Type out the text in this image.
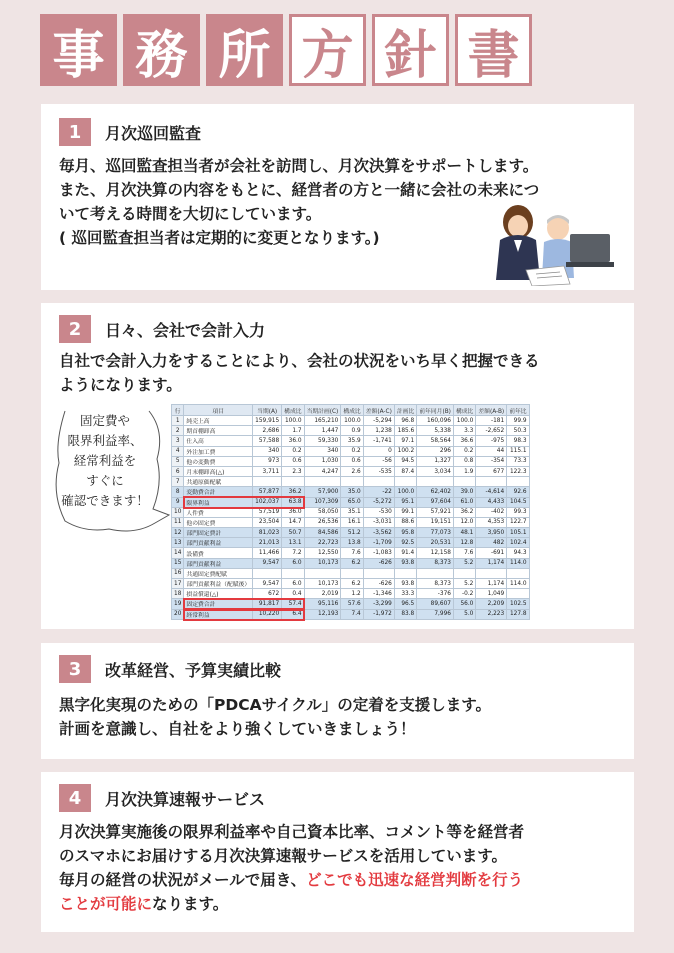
事 務 所 方 針 書
1	月次巡回監査
毎月、巡回監査担当者が会社を訪問し、月次決算をサポートします。
また、月次決算の内容をもとに、経営者の方と一緒に会社の未来につ
いて考える時間を大切にしています。
( 巡回監査担当者は定期的に変更となります。)
2	日々、会社で会計入力
自社で会計入力をすることにより、会社の状況をいち早く把握できる
ようになります。
固定費や
限界利益率、
経常利益を
すぐに
確認できます！
行	項目	当期(A)	構成比	当期計画(C)	構成比	差額(A-C)	計画比	前年同月(B)	構成比	差額(A-B)	前年比
1	純売上高	159,915	100.0	165,210	100.0	-5,294	96.8	160,096	100.0	-181	99.9
2	期首棚卸高	2,686	1.7	1,447	0.9	1,238	185.6	5,338	3.3	-2,652	50.3
3	仕入高	57,588	36.0	59,330	35.9	-1,741	97.1	58,564	36.6	-975	98.3
4	外注加工費	340	0.2	340	0.2	0	100.2	296	0.2	44	115.1
5	他の変動費	973	0.6	1,030	0.6	-56	94.5	1,327	0.8	-354	73.3
6	月末棚卸高(△)	3,711	2.3	4,247	2.6	-535	87.4	3,034	1.9	677	122.3
7	共通原価配賦										
8	変動費合計	57,877	36.2	57,900	35.0	-22	100.0	62,402	39.0	-4,614	92.6
9	限界利益	102,037	63.8	107,309	65.0	-5,272	95.1	97,604	61.0	4,433	104.5
10	人件費	57,519	36.0	58,050	35.1	-530	99.1	57,921	36.2	-402	99.3
11	他の固定費	23,504	14.7	26,536	16.1	-3,031	88.6	19,151	12.0	4,353	122.7
12	部門固定費計	81,023	50.7	84,586	51.2	-3,562	95.8	77,073	48.1	3,950	105.1
13	部門貢献利益	21,013	13.1	22,723	13.8	-1,709	92.5	20,531	12.8	482	102.4
14	設備費	11,466	7.2	12,550	7.6	-1,083	91.4	12,158	7.6	-691	94.3
15	部門貢献利益	9,547	6.0	10,173	6.2	-626	93.8	8,373	5.2	1,174	114.0
16	共通固定費配賦										
17	部門貢献利益（配賦後）	9,547	6.0	10,173	6.2	-626	93.8	8,373	5.2	1,174	114.0
18	損益償還(△)	672	0.4	2,019	1.2	-1,346	33.3	-376	-0.2	1,049	
19	固定費合計	91,817	57.4	95,116	57.6	-3,299	96.5	89,607	56.0	2,209	102.5
20	経常利益	10,220	6.4	12,193	7.4	-1,972	83.8	7,996	5.0	2,223	127.8
3	改革経営、予算実績比較
黒字化実現のための「PDCAサイクル」の定着を支援します。
計画を意識し、自社をより強くしていきましょう！
4	月次決算速報サービス
月次決算実施後の限界利益率や自己資本比率、コメント等を経営者
のスマホにお届けする月次決算速報サービスを活用しています。
毎月の経営の状況がメールで届き、どこでも迅速な経営判断を行う
ことが可能になります。
